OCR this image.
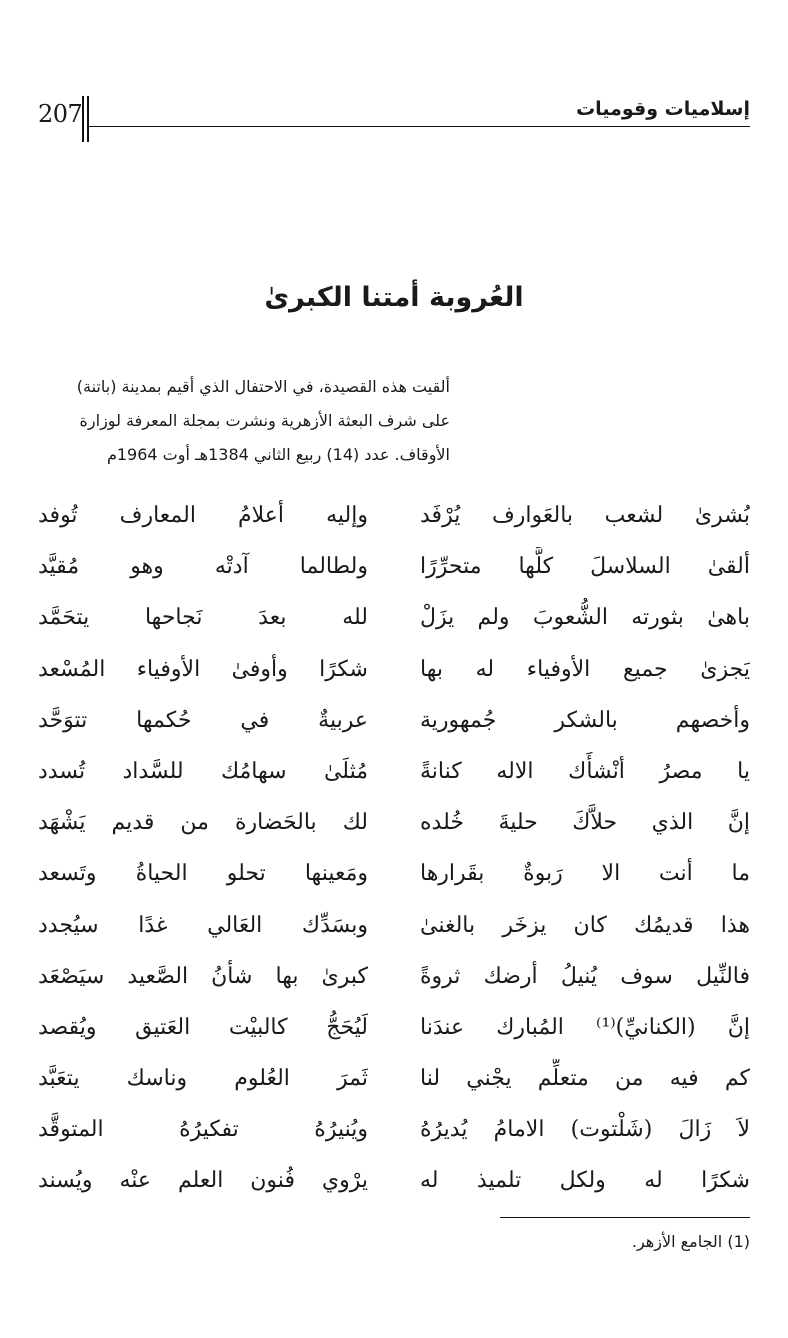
207	إسلاميات وقوميات
العُروبة أمتنا الكبرىٰ
ألقيت هذه القصيدة، في الاحتفال الذي أقيم بمدينة (باتنة)
على شرف البعثة الأزهرية ونشرت بمجلة المعرفة لوزارة
الأوقاف. عدد (14) ربيع الثاني 1384هـ أوت 1964م
بُشرىٰ لشعب بالعَوارف يُرْفَد
وإليه أعلامُ المعارف تُوفد
ألقىٰ السلاسلَ كلَّها متحرِّرًا
ولطالما آدتْه وهو مُقيَّد
باهىٰ بثورته الشُّعوبَ ولم يزَلْ
لله بعدَ نَجاحها يتحَمَّد
يَجزىٰ جميع الأوفياء له بها
شكرًا وأوفىٰ الأوفياء المُسْعد
وأخصهم بالشكر جُمهورية
عربيةٌ في حُكمها تتوَحَّد
يا مصرُ أنْشأَك الاله كنانةً
مُثلَىٰ سهامُك للسَّداد تُسدد
إنَّ الذي حلاَّكَ حليةَ خُلده
لك بالحَضارة من قديم يَشْهَد
ما أنت الا رَبوةٌ بقَرارها
ومَعينها تحلو الحياةُ وتَسعد
هذا قديمُك كان يزخَر بالغنىٰ
وبسَدِّك العَالي غدًا سيُجدد
فالنِّيل سوف يُنيلُ أرضك ثروةً
كبرىٰ بها شأنُ الصَّعيد سيَصْعَد
إنَّ (الكنانيِّ)⁽¹⁾ المُبارك عندَنا
لَيُحَجُّ كالبيْت العَتيق ويُقصد
كم فيه من متعلِّم يجْني لنا
ثَمرَ العُلوم وناسك يتعَبَّد
لاَ زَالَ (شَلْتوت) الامامُ يُديرُهُ
ويُنيرُهُ تفكيرُهُ المتوقَّد
شكرًا له ولكل تلميذ له
يرْوي فُنون العلم عنْه ويُسند
(1) الجامع الأزهر.
